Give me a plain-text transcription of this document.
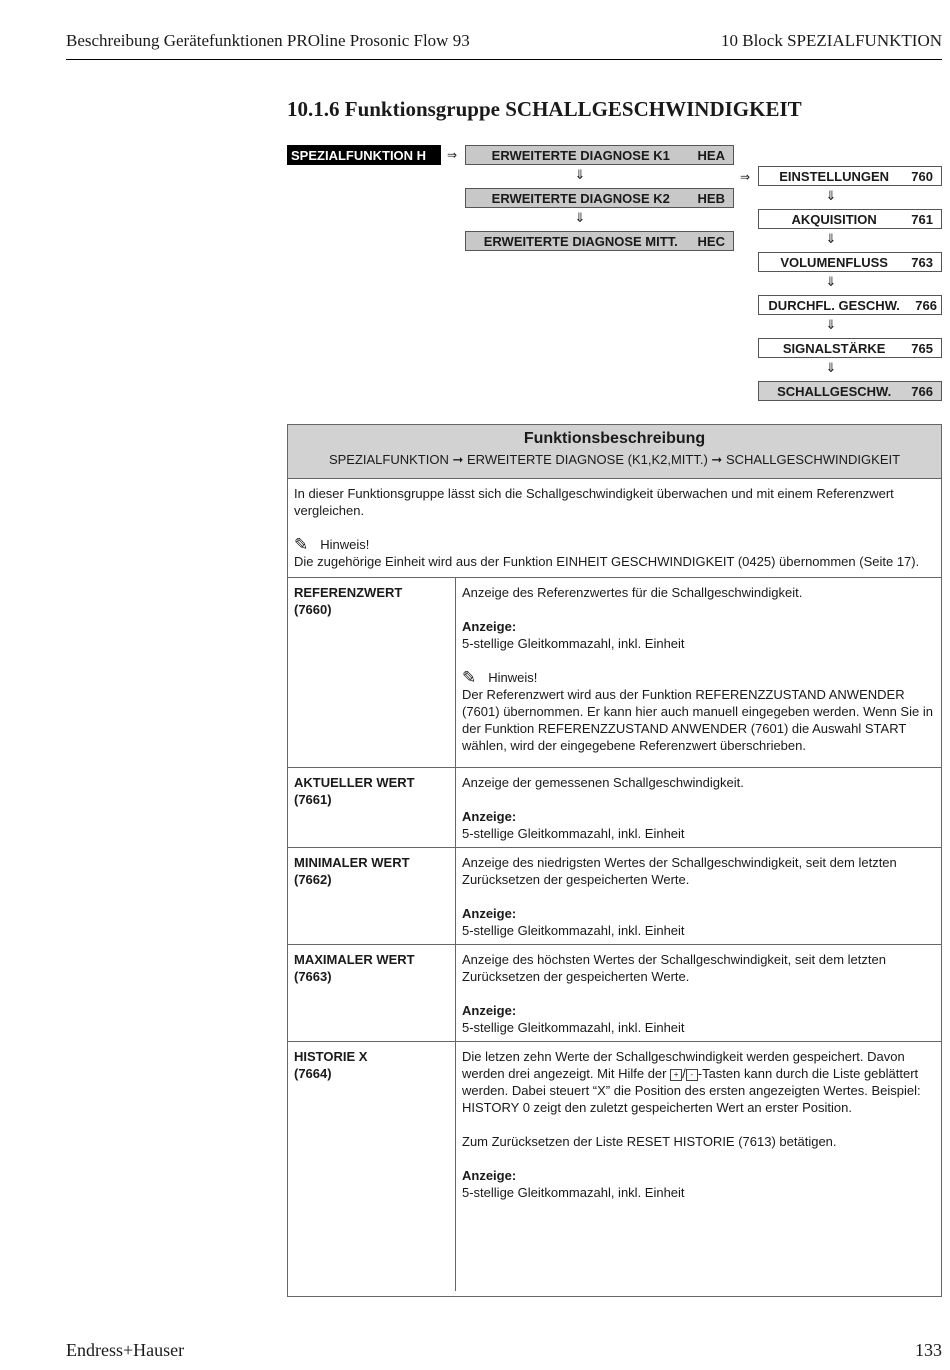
Beschreibung Gerätefunktionen PROline Prosonic Flow 93	10 Block SPEZIALFUNKTION
10.1.6 Funktionsgruppe SCHALLGESCHWINDIGKEIT
SPEZIALFUNKTION H	⇒	ERWEITERTE DIAGNOSE K1	HEA
⇓
ERWEITERTE DIAGNOSE K2	HEB
⇓
ERWEITERTE DIAGNOSE MITT.	HEC
⇒	EINSTELLUNGEN	760
⇓
AKQUISITION	761
⇓
VOLUMENFLUSS	763
⇓
DURCHFL. GESCHW.	766
⇓
SIGNALSTÄRKE	765
⇓
SCHALLGESCHW.	766
Funktionsbeschreibung
SPEZIALFUNKTION ➞ ERWEITERTE DIAGNOSE (K1,K2,MITT.) ➞ SCHALLGESCHWINDIGKEIT
In dieser Funktionsgruppe lässt sich die Schallgeschwindigkeit überwachen und mit einem Referenzwert vergleichen.
✎ Hinweis!
Die zugehörige Einheit wird aus der Funktion EINHEIT GESCHWINDIGKEIT (0425) übernommen (Seite 17).
REFERENZWERT
(7660)
Anzeige des Referenzwertes für die Schallgeschwindigkeit.
Anzeige:
5-stellige Gleitkommazahl, inkl. Einheit
✎ Hinweis!
Der Referenzwert wird aus der Funktion REFERENZZUSTAND ANWENDER (7601) übernommen. Er kann hier auch manuell eingegeben werden. Wenn Sie in der Funktion REFERENZZUSTAND ANWENDER (7601) die Auswahl START wählen, wird der eingegebene Referenzwert überschrieben.
AKTUELLER WERT
(7661)
Anzeige der gemessenen Schallgeschwindigkeit.
Anzeige:
5-stellige Gleitkommazahl, inkl. Einheit
MINIMALER WERT
(7662)
Anzeige des niedrigsten Wertes der Schallgeschwindigkeit, seit dem letzten Zurücksetzen der gespeicherten Werte.
Anzeige:
5-stellige Gleitkommazahl, inkl. Einheit
MAXIMALER WERT
(7663)
Anzeige des höchsten Wertes der Schallgeschwindigkeit, seit dem letzten Zurücksetzen der gespeicherten Werte.
Anzeige:
5-stellige Gleitkommazahl, inkl. Einheit
HISTORIE X
(7664)
Die letzen zehn Werte der Schallgeschwindigkeit werden gespeichert. Davon werden drei angezeigt. Mit Hilfe der + / - -Tasten kann durch die Liste geblättert werden. Dabei steuert “X” die Position des ersten angezeigten Wertes. Beispiel: HISTORY 0 zeigt den zuletzt gespeicherten Wert an erster Position.
Zum Zurücksetzen der Liste RESET HISTORIE (7613) betätigen.
Anzeige:
5-stellige Gleitkommazahl, inkl. Einheit
Endress+Hauser	133
